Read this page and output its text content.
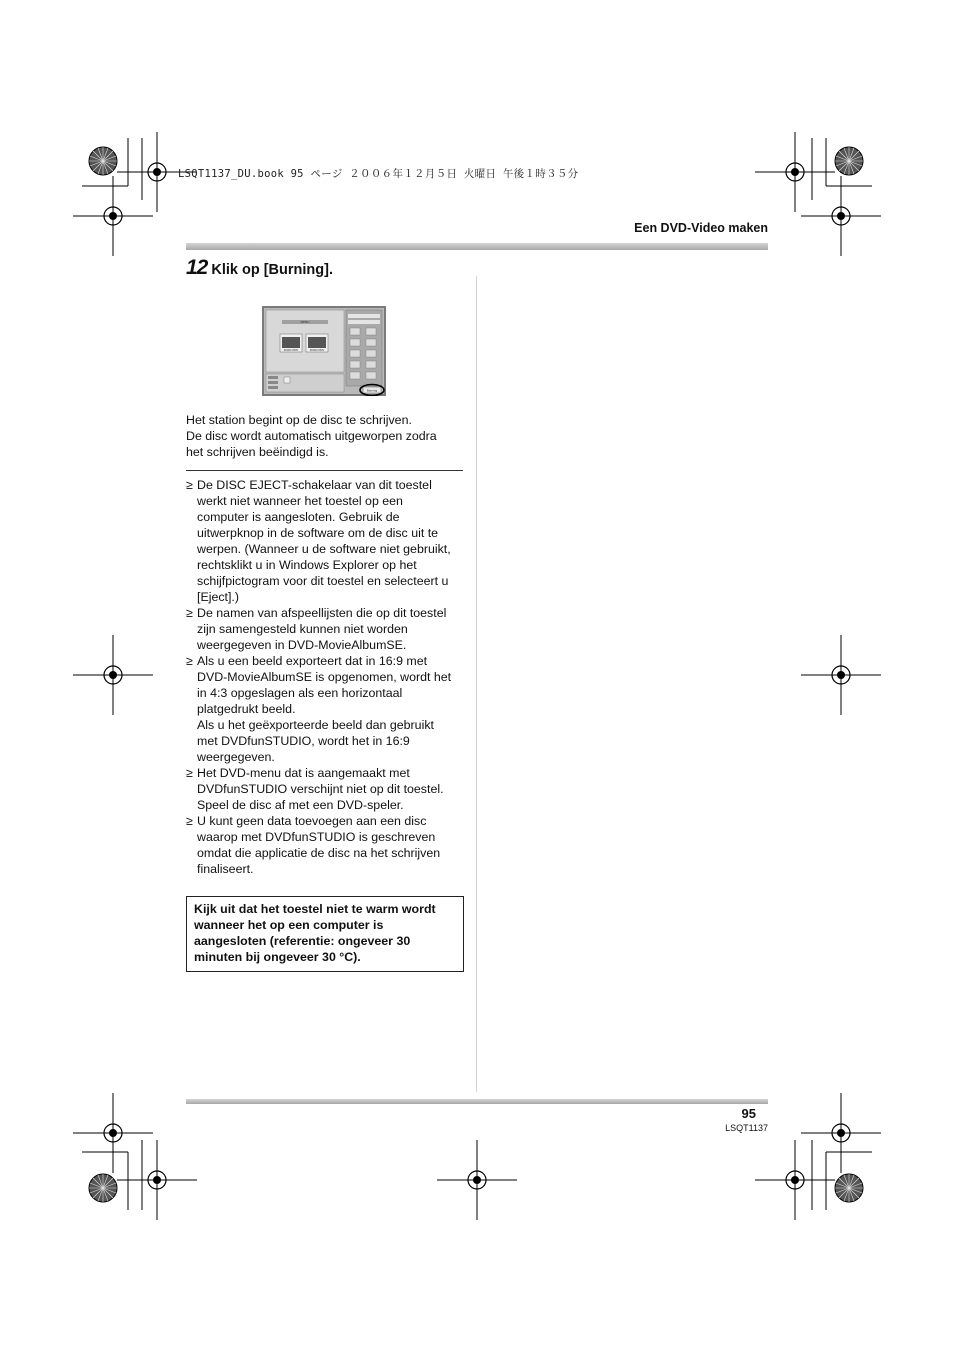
LSQT1137_DU.book 95 ページ ２００６年１２月５日 火曜日 午後１時３５分
Een DVD-Video maken
12 Klik op [Burning].
MENU
00001.MOV	00002.MOV
Burning
Het station begint op de disc te schrijven.
De disc wordt automatisch uitgeworpen zodra
het schrijven beëindigd is.
≥ De DISC EJECT-schakelaar van dit toestel
werkt niet wanneer het toestel op een
computer is aangesloten. Gebruik de
uitwerpknop in de software om de disc uit te
werpen. (Wanneer u de software niet gebruikt,
rechtsklikt u in Windows Explorer op het
schijfpictogram voor dit toestel en selecteert u
[Eject].)
≥ De namen van afspeellijsten die op dit toestel
zijn samengesteld kunnen niet worden
weergegeven in DVD-MovieAlbumSE.
≥ Als u een beeld exporteert dat in 16:9 met
DVD-MovieAlbumSE is opgenomen, wordt het
in 4:3 opgeslagen als een horizontaal
platgedrukt beeld.
Als u het geëxporteerde beeld dan gebruikt
met DVDfunSTUDIO, wordt het in 16:9
weergegeven.
≥ Het DVD-menu dat is aangemaakt met
DVDfunSTUDIO verschijnt niet op dit toestel.
Speel de disc af met een DVD-speler.
≥ U kunt geen data toevoegen aan een disc
waarop met DVDfunSTUDIO is geschreven
omdat die applicatie de disc na het schrijven
finaliseert.
Kijk uit dat het toestel niet te warm wordt
wanneer het op een computer is
aangesloten (referentie: ongeveer 30
minuten bij ongeveer 30 °C).
95
LSQT1137
